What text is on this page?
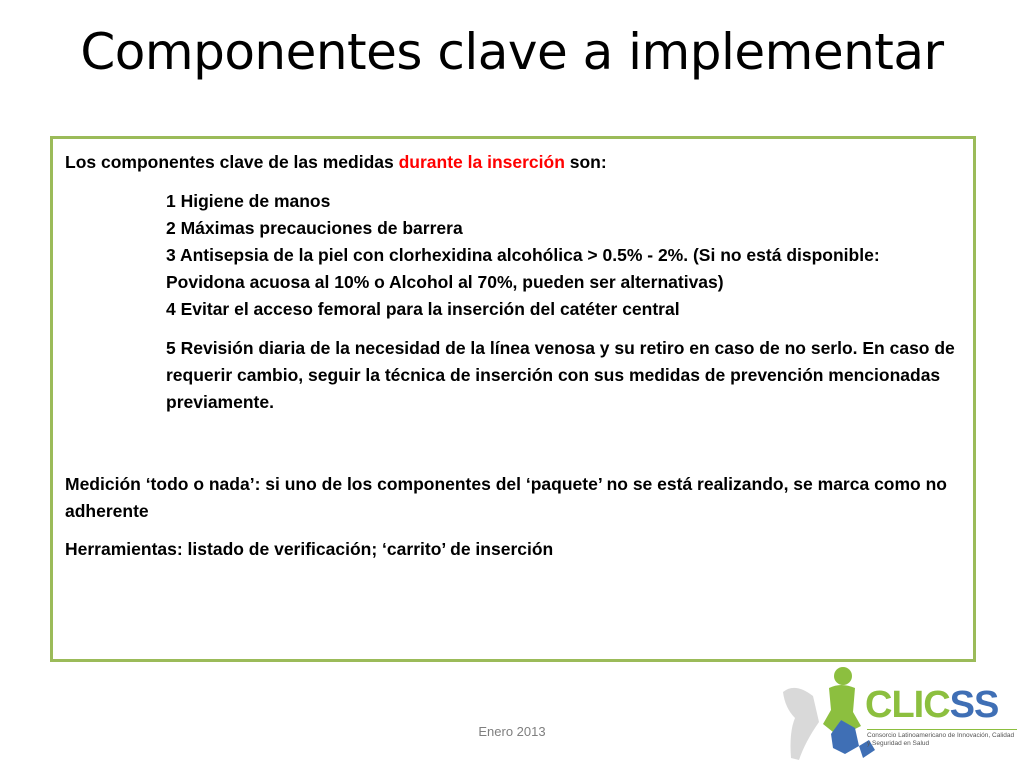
Componentes clave a implementar

Los componentes clave de las medidas durante la inserción son:

1 Higiene de manos

2 Máximas precauciones de barrera

3 Antisepsia de la piel con clorhexidina alcohólica > 0.5% - 2%. (Si no está disponible: Povidona acuosa al 10% o Alcohol al 70%, pueden ser alternativas)

4 Evitar el acceso femoral para la inserción del catéter central

5 Revisión diaria de la necesidad de la línea venosa y su retiro en caso de no serlo. En caso de requerir cambio, seguir la técnica de inserción con sus medidas de prevención mencionadas previamente.

Medición ‘todo o nada’: si uno de los componentes del ‘paquete’ no se está realizando, se marca como no adherente

Herramientas: listado de verificación; ‘carrito’ de inserción

Enero 2013
CLICSS
Consorcio Latinoamericano de Innovación, Calidad y Seguridad en Salud
